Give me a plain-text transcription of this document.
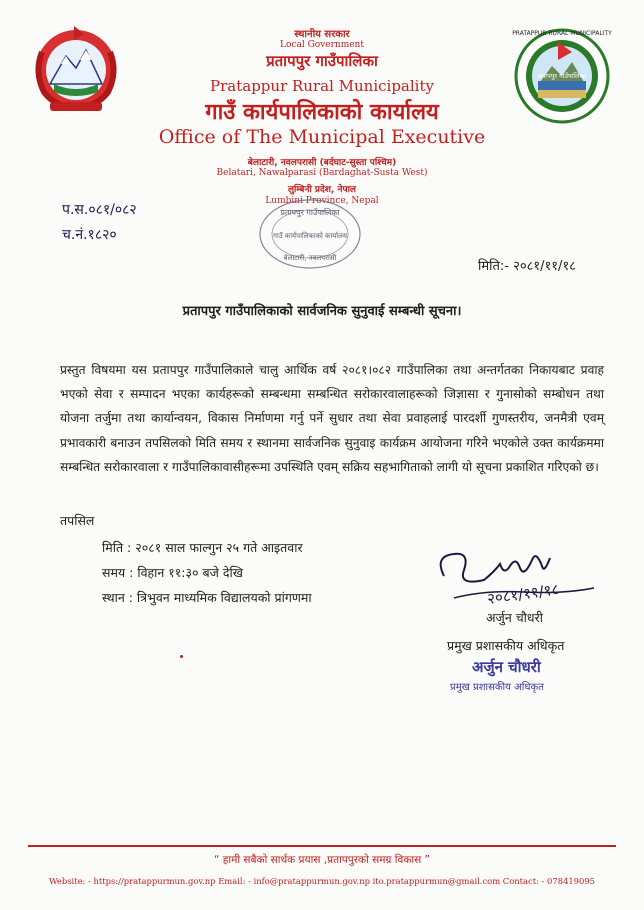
PRATAPPUR RURAL MUNICIPALITY
प्रतापपुर गाउँपालिका
स्थानीय सरकार
Local Government
प्रतापपुर गाउँपालिका
Pratappur Rural Municipality
गाउँ कार्यपालिकाको कार्यालय
Office of The Municipal Executive
बेलाटारी, नवलपरासी (बर्दघाट-सुस्ता पश्चिम)
Belatari, Nawalparasi (Bardaghat-Susta West)
लुम्बिनी प्रदेश, नेपाल
Lumbini Province, Nepal
प्रतापपुर गाउँपालिका
गाउँ कार्यपालिकाको कार्यालय
बेलाटारी, नवलपरासी
प.स.०८१/०८२
च.नं.१८२०
मिति:- २०८१/११/१८
प्रतापपुर गाउँपालिकाको सार्वजनिक सुनुवाई सम्बन्धी सूचना।
प्रस्तुत विषयमा यस प्रतापपुर गाउँपालिकाले चालु आर्थिक वर्ष २०८१।०८२ गाउँपालिका तथा अन्तर्गतका निकायबाट प्रवाह भएको सेवा र सम्पादन भएका कार्यहरूको सम्बन्धमा सम्बन्धित सरोकारवालाहरूको जिज्ञासा र गुनासोको सम्बोधन तथा योजना तर्जुमा तथा कार्यान्वयन, विकास निर्माणमा गर्नु पर्ने सुधार तथा सेवा प्रवाहलाई पारदर्शी गुणस्तरीय, जनमैत्री एवम् प्रभावकारी बनाउन तपसिलको मिति समय र स्थानमा सार्वजनिक सुनुवाइ कार्यक्रम आयोजना गरिने भएकोले उक्त कार्यक्रममा सम्बन्धित सरोकारवाला र गाउँपालिकावासीहरूमा उपस्थिति एवम् सक्रिय सहभागिताको लागी यो सूचना प्रकाशित गरिएको छ।
तपसिल
मिति : २०८१ साल फाल्गुन २५ गते आइतवार
समय : विहान ११:३० बजे देखि
स्थान : त्रिभुवन माध्यमिक विद्यालयको प्रांगणमा	२०८१/११/१८
अर्जुन चौधरी
प्रमुख प्रशासकीय अधिकृत
अर्जुन चौधरी
प्रमुख प्रशासकीय अधिकृत
“ हामी सबैको सार्थक प्रयास ,प्रतापपुरको समग्र विकास ”
Website: - https://pratappurmun.gov.np Email: - info@pratappurmun.gov.np ito.pratappurmun@gmail.com Contact: - 078419095
